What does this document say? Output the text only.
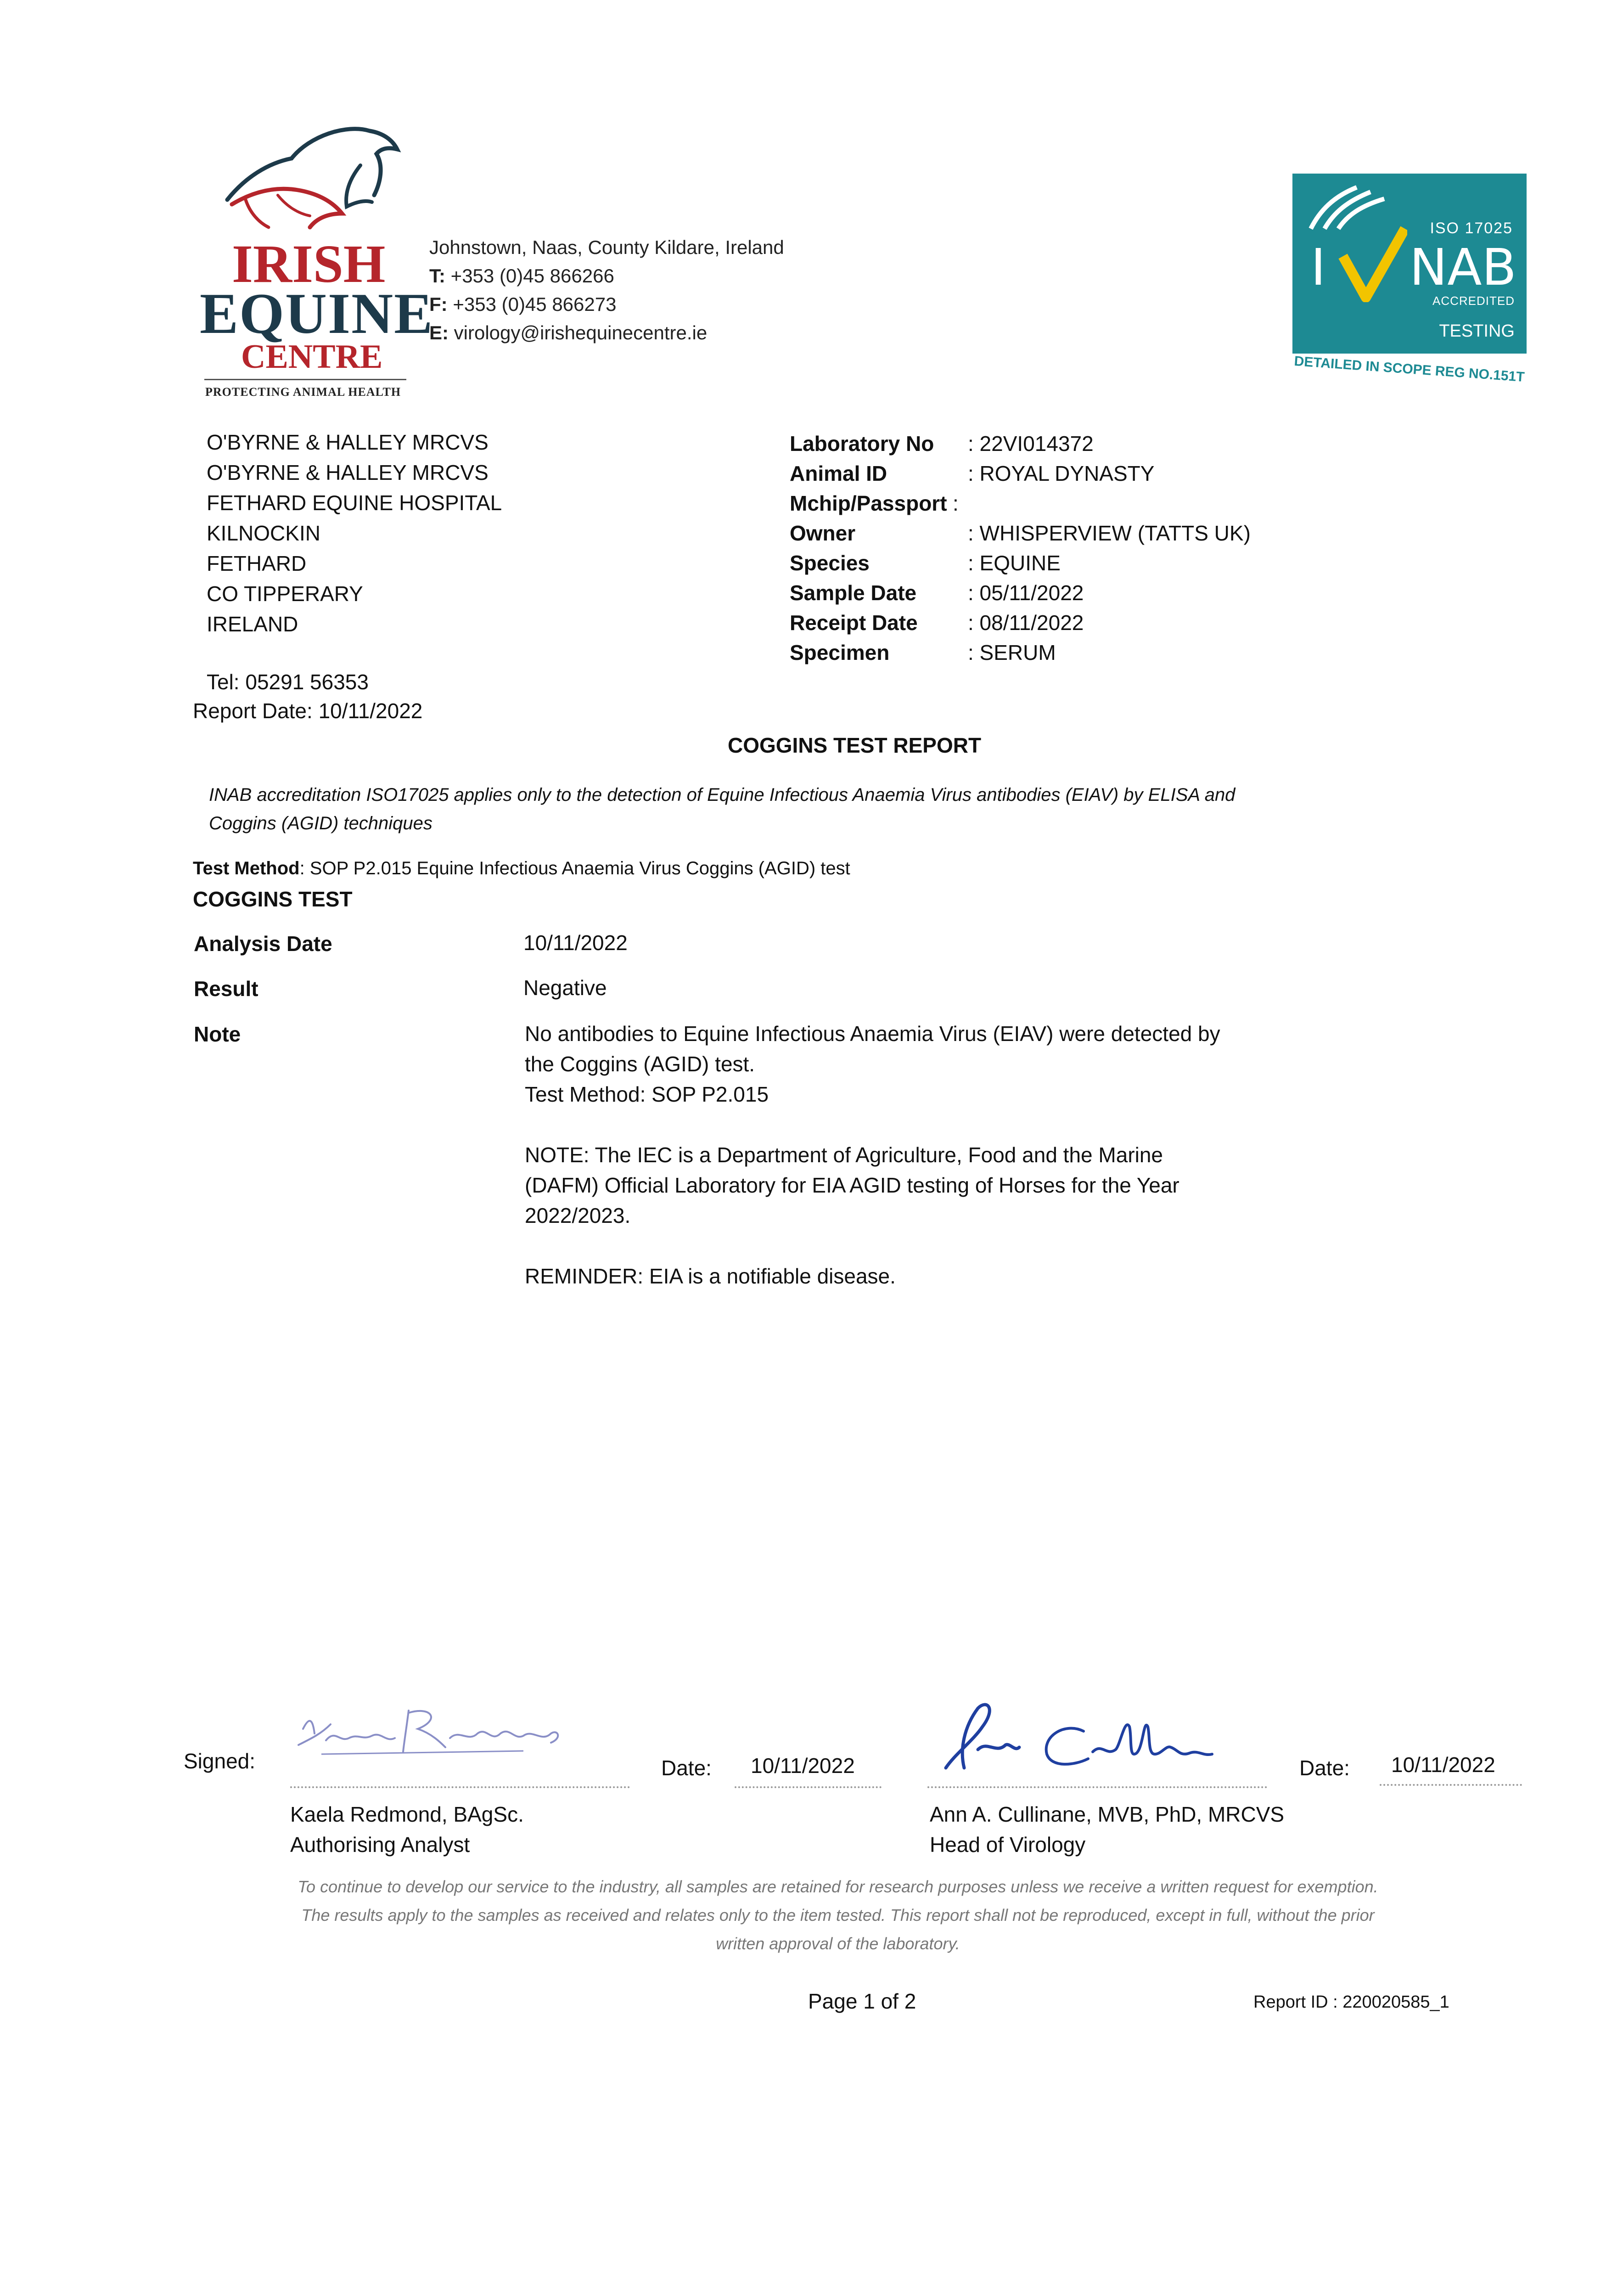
IRISH
EQUINE
CENTRE
PROTECTING ANIMAL HEALTH
Johnstown, Naas, County Kildare, Ireland
T: +353 (0)45 866266
F: +353 (0)45 866273
E: virology@irishequinecentre.ie
ISO 17025
I NAB
ACCREDITED
TESTING
DETAILED IN SCOPE REG NO.151T
O'BYRNE & HALLEY MRCVS
O'BYRNE & HALLEY MRCVS
FETHARD EQUINE HOSPITAL
KILNOCKIN
FETHARD
CO TIPPERARY
IRELAND
Tel: 05291 56353
Report Date: 10/11/2022
Laboratory No : 22VI014372
Animal ID	: ROYAL DYNASTY
Mchip/Passport :
Owner	: WHISPERVIEW (TATTS UK)
Species	: EQUINE
Sample Date : 05/11/2022
Receipt Date : 08/11/2022
Specimen	: SERUM
COGGINS TEST REPORT
INAB accreditation ISO17025 applies only to the detection of Equine Infectious Anaemia Virus antibodies (EIAV) by ELISA and
Coggins (AGID) techniques
Test Method: SOP P2.015 Equine Infectious Anaemia Virus Coggins (AGID) test
COGGINS TEST
Analysis Date	10/11/2022
Result	Negative
Note	No antibodies to Equine Infectious Anaemia Virus (EIAV) were detected by
the Coggins (AGID) test.
Test Method: SOP P2.015
NOTE: The IEC is a Department of Agriculture, Food and the Marine
(DAFM) Official Laboratory for EIA AGID testing of Horses for the Year
2022/2023.
REMINDER: EIA is a notifiable disease.
Signed:	Kaela Redmond	Date: 10/11/2022
Ann Cullinane	Date: 10/11/2022
Kaela Redmond, BAgSc.
Authorising Analyst
Ann A. Cullinane, MVB, PhD, MRCVS
Head of Virology
To continue to develop our service to the industry, all samples are retained for research purposes unless we receive a written request for exemption.
The results apply to the samples as received and relates only to the item tested. This report shall not be reproduced, except in full, without the prior
written approval of the laboratory.
Page 1 of 2	Report ID : 220020585_1
